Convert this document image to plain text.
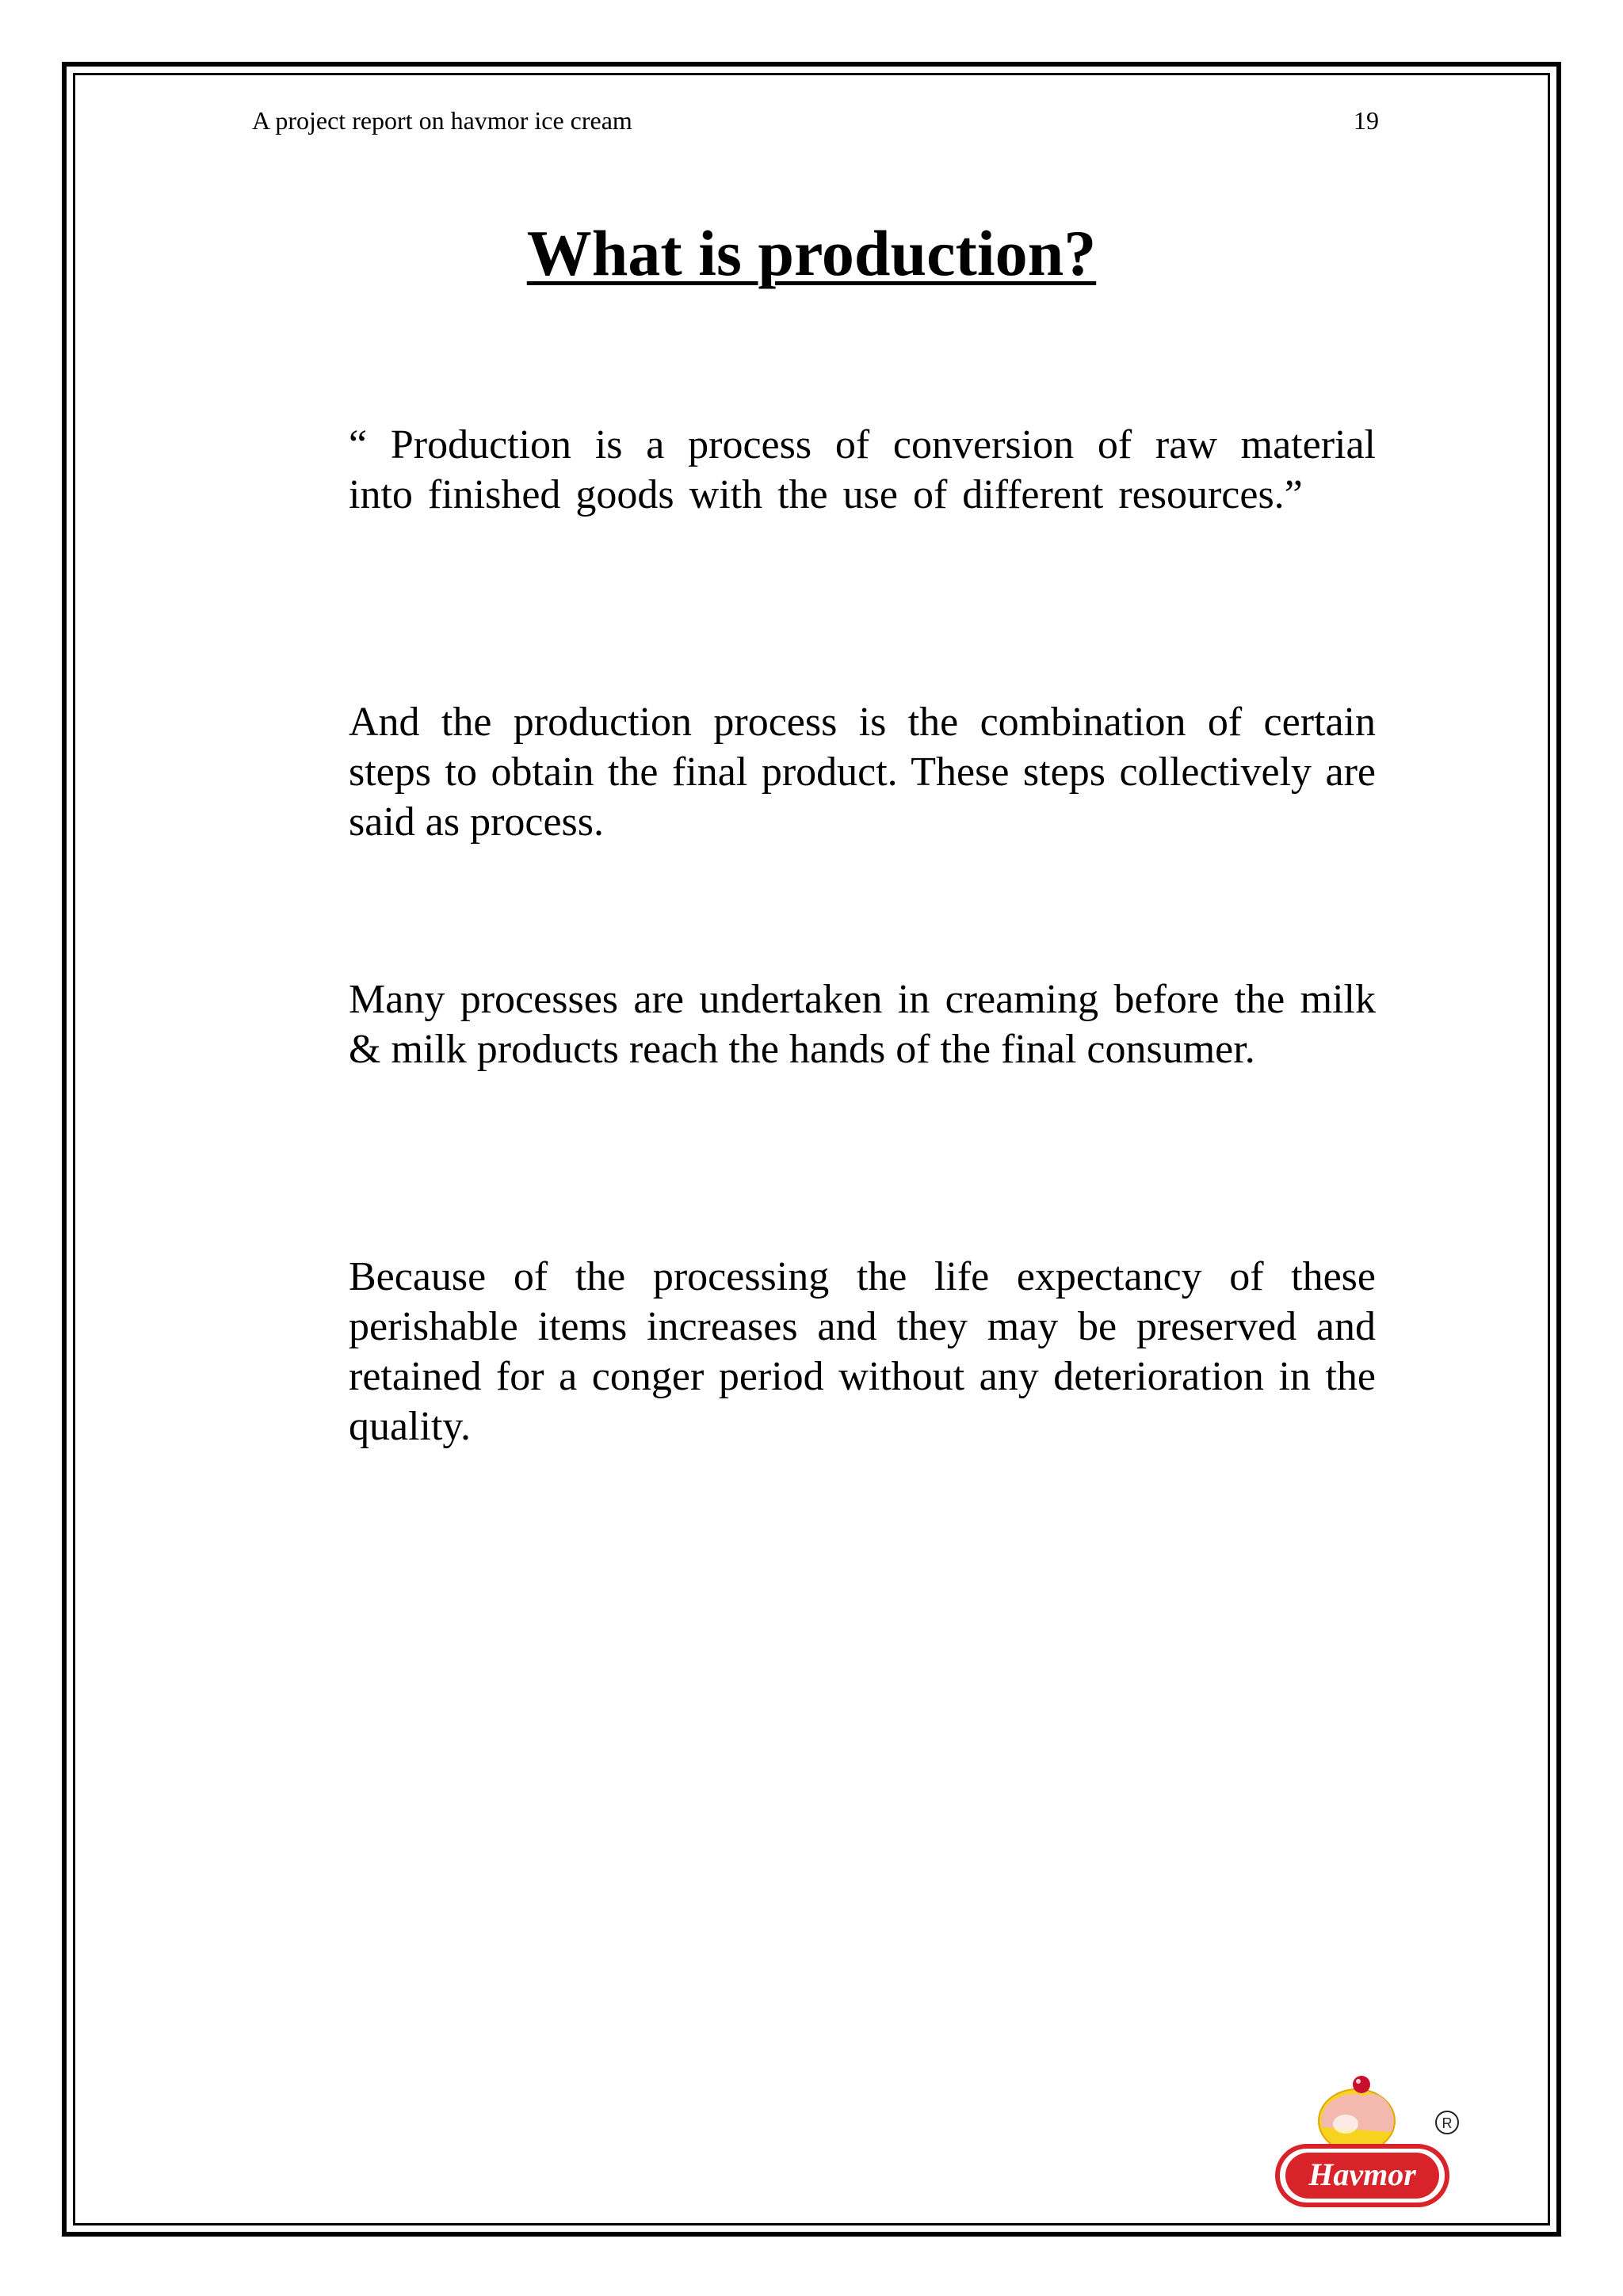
A project report on havmor ice cream	19
What is production?

“ Production is a process of conversion of raw material into finished goods with the use of different resources.”

And the production process is the combination of certain steps to obtain the final product. These steps collectively are said as process.

Many processes are undertaken in creaming before the milk & milk products reach the hands of the final consumer.

Because of the processing the life expectancy of these perishable items increases and they may be preserved and retained for a conger period without any deterioration in the quality.

R
Havmor
